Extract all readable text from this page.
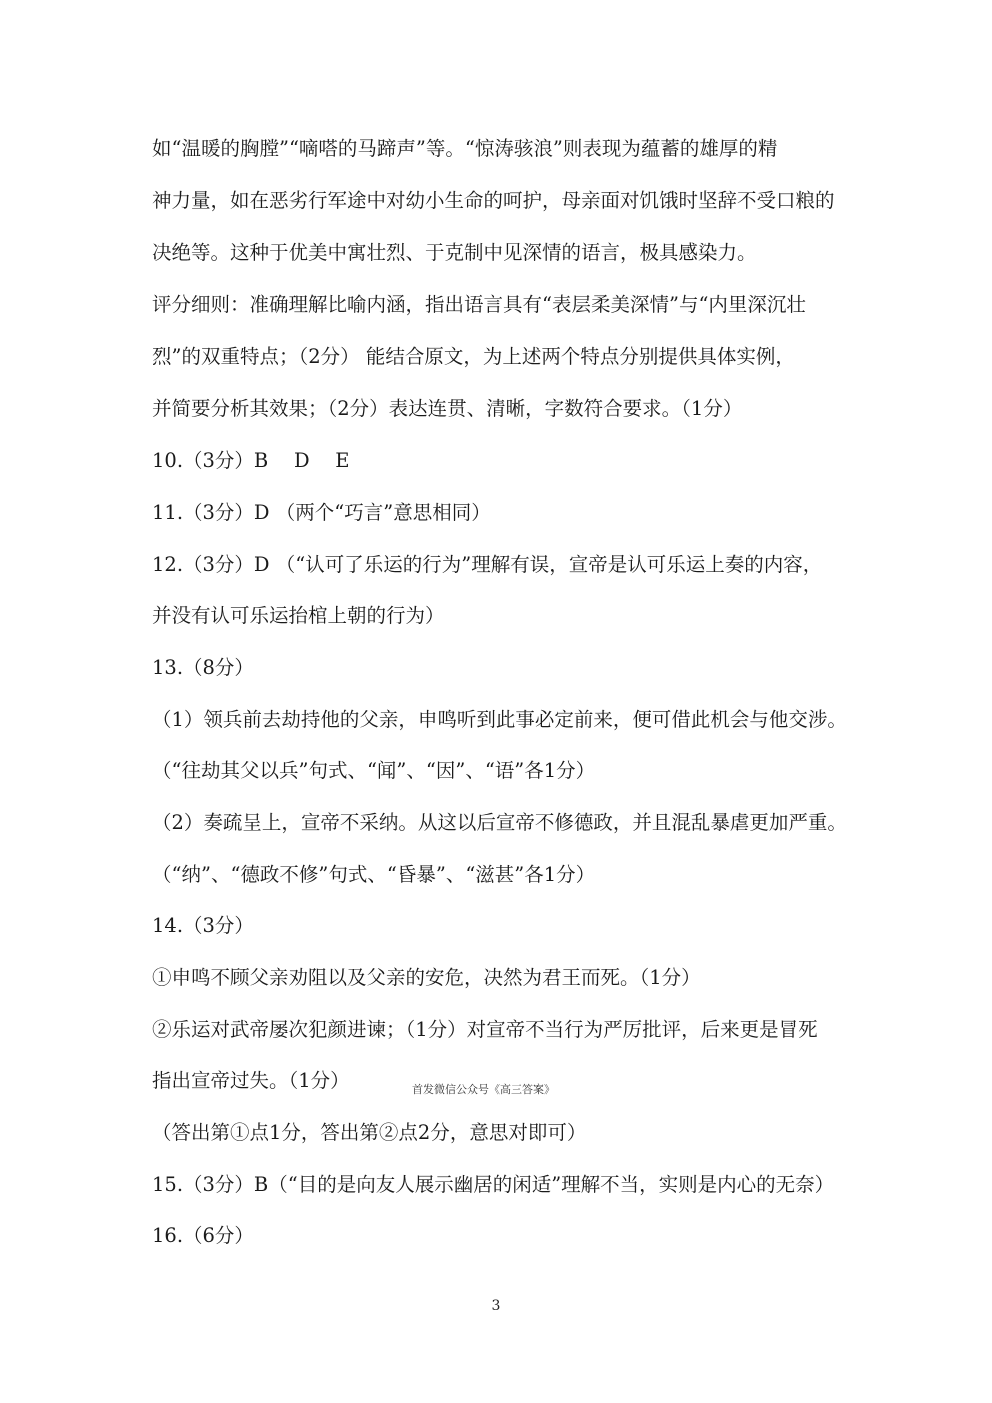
如“温暖的胸膛”“嘀嗒的马蹄声”等。“惊涛骇浪”则表现为蕴蓄的雄厚的精
神力量，如在恶劣行军途中对幼小生命的呵护，母亲面对饥饿时坚辞不受口粮的
决绝等。这种于优美中寓壮烈、于克制中见深情的语言，极具感染力。
评分细则：准确理解比喻内涵，指出语言具有“表层柔美深情”与“内里深沉壮
烈”的双重特点；（2分） 能结合原文，为上述两个特点分别提供具体实例，
并简要分析其效果；（2分）表达连贯、清晰，字数符合要求。（1分）
10.（3分）B　 D　 E
11.（3分）D （两个“巧言”意思相同）
12.（3分）D （“认可了乐运的行为”理解有误，宣帝是认可乐运上奏的内容，
并没有认可乐运抬棺上朝的行为）
13.（8分）
（1）领兵前去劫持他的父亲，申鸣听到此事必定前来，便可借此机会与他交涉。
（“往劫其父以兵”句式、“闻”、“因”、“语”各1分）
（2）奏疏呈上，宣帝不采纳。从这以后宣帝不修德政，并且混乱暴虐更加严重。
（“纳”、“德政不修”句式、“昏暴”、“滋甚”各1分）
14.（3分）
①申鸣不顾父亲劝阻以及父亲的安危，决然为君王而死。（1分）
②乐运对武帝屡次犯颜进谏；（1分）对宣帝不当行为严厉批评，后来更是冒死
指出宣帝过失。（1分）
（答出第①点1分，答出第②点2分，意思对即可）
15.（3分）B（“目的是向友人展示幽居的闲适”理解不当，实则是内心的无奈）
16.（6分）
首发微信公众号《高三答案》
3
